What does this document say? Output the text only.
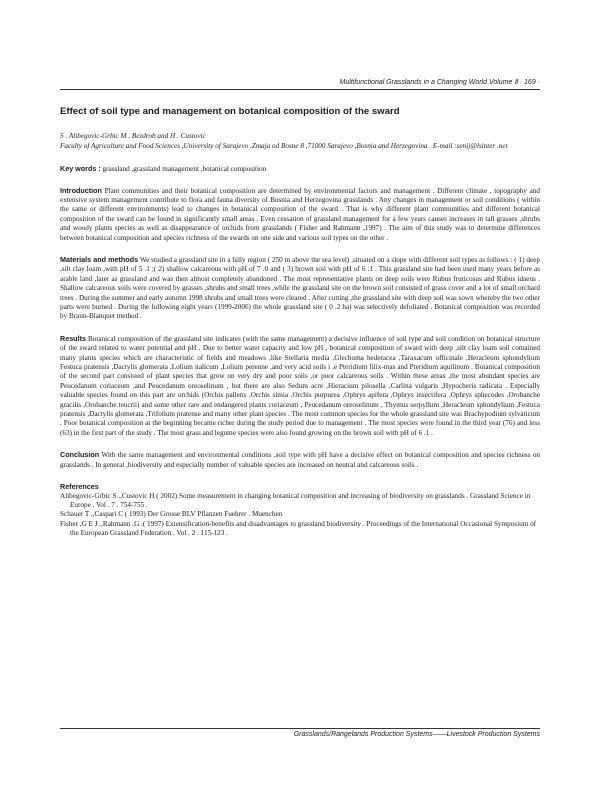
Multifunctional Grasslands in a Changing World Volume Ⅱ · 169 ·
Effect of soil type and management on botanical composition of the sward
S . Alibegovic-Grbic M . Bezdrob and H . Custovic
Faculty of Agriculture and Food Sciences ,University of Sarajevo ,Zmaja od Bosne 8 ,71000 Sarajevo ,Bosnia and Herzegovina . E-mail :senij@lsinter .net
Key words : grassland ,grassland management ,botanical composition
Introduction Plant communities and their botanical composition are determined by environmental factors and management . Different climate , topography and extensive system management contribute to flora and fauna diversity of Bosnia and Herzegovina grasslands . Any changes in management or soil conditions ( within the same or different environments) lead to changes in botanical composition of the sward . That is why different plant communities and different botanical composition of the sward can be found in significantly small areas . Even cessation of grassland management for a few years causes increases in tall grasses ,shrubs and woody plants species as well as disappearance of orchids from grasslands ( Fisher and Rahmann ,1997) . The aim of this study was to determine differences between botanical composition and species richness of the swards on one side and various soil types on the other .
Materials and methods We studied a grassland site in a hilly region ( 250 m above the sea level) ,situated on a slope with different soil types as follows : ( 1) deep ,silt clay loam ,with pH of 5 .1 ;( 2) shallow calcareous with pH of 7 .0 and ( 3) brown soil with pH of 6 .1 . This grassland site had been used many years before as arable land ,later as grassland and was then almost completely abandoned . The most representative plants on deep soils were Rubus fruticosus and Rubus idaeus . Shallow calcareous soils were covered by grasses ,shrubs and small trees ,while the grassland site on the brown soil consisted of grass cover and a lot of small orchard trees . During the summer and early autumn 1998 shrubs and small trees were cleared . After cutting ,the grassland site with deep soil was sown whereby the two other parts were burned . During the following eight years (1999-2006) the whole grassland site ( 0 .2 ha) was selectively defoliated . Botanical composition was recorded by Braun-Blanquet method .
Results Botanical composition of the grassland site indicates (with the same management) a decisive influence of soil type and soil condition on botanical structure of the sward related to water potential and pH . Due to better water capacity and low pH , botanical composition of sward with deep ,silt clay loam soil contained many plants species which are characteristic of fields and meadows ,like Stellaria media ,Glechoma hederacea ,Taraxacum officinale ,Heracleum sphondylium Festuca pratensis ,Dactylis glomerata ,Lolium italicum ,Lolium perenne ,and very acid soils i .e Pteridium filix-mas and Pteridium aquilinum . Botanical composition of the second part consisted of plant species that grow on very dry and poor soils ,or poor calcareous soils . Within these areas ,the most abundant species are Peucedanum coriaceum ,and Peucedanum oreoselinum , but there are also Sedum acre ,Hieracium pilosella ,Carlina vulgaris ,Hypocheris radicata . Especially valuable species found on this part are orchids (Orchis pallens ,Orchis simia ,Orchis purpurea ,Ophrys apifera ,Ophrys insectifera ,Ophrys sphecodes ,Orobanche gracilis ,Orobanche teucrii) and some other rare and endangered plants coriaceum , Peucedanum oreoselinum , Thymus serpyllum ,Heracleum sphondylium ,Festuca pratensis ,Dactylis glomerata ,Trifolium pratense and many other plant species . The most common species for the whole grassland site was Brachypodium sylvaticum . Poor botanical composition at the beginning became richer during the study period due to management . The most species were found in the third year (76) and less (63) in the first part of the study . The most grass and legume species were also found growing on the brown soil with pH of 6 .1 .
Conclusion With the same management and environmental conditions ,soil type with pH have a decisive effect on botanical composition and species richness on grasslands . In general ,biodiversity and especially number of valuable species are increased on neutral and calcareous soils .
References
Alibegovic-Grbic S .,Custovic H ( 2002) Some measurement in changing botanical composition and increasing of biodiversity on grasslands . Grassland Science in Europe . Vol . 7 . 754-755 .
Schauer T .,Caspari C ( 1993) Der Grosse BLV Pflanzen Fuehrer . Muenchen
Fisher ,G E J .,Rahmann ,G .( 1997) Extensification-benefits and disadvantages to grassland biodiversity . Proceedings of the International Occasional Symposium of the European Grassland Federation . Vol . 2 . 115-123 .
Grasslands/Rangelands Production Systems——Livestock Production Systems
